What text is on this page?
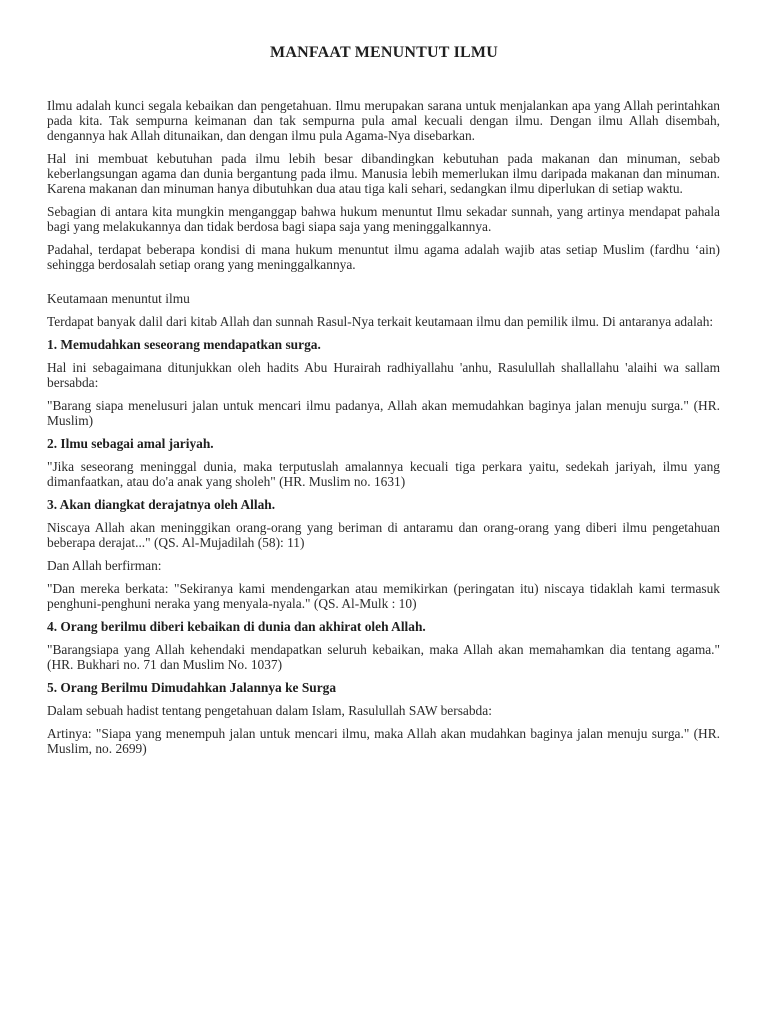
MANFAAT MENUNTUT ILMU

Ilmu adalah kunci segala kebaikan dan pengetahuan. Ilmu merupakan sarana untuk menjalankan apa yang Allah perintahkan pada kita. Tak sempurna keimanan dan tak sempurna pula amal kecuali dengan ilmu. Dengan ilmu Allah disembah, dengannya hak Allah ditunaikan, dan dengan ilmu pula Agama-Nya disebarkan.

Hal ini membuat kebutuhan pada ilmu lebih besar dibandingkan kebutuhan pada makanan dan minuman, sebab keberlangsungan agama dan dunia bergantung pada ilmu. Manusia lebih memerlukan ilmu daripada makanan dan minuman. Karena makanan dan minuman hanya dibutuhkan dua atau tiga kali sehari, sedangkan ilmu diperlukan di setiap waktu.

Sebagian di antara kita mungkin menganggap bahwa hukum menuntut Ilmu sekadar sunnah, yang artinya mendapat pahala bagi yang melakukannya dan tidak berdosa bagi siapa saja yang meninggalkannya.

Padahal, terdapat beberapa kondisi di mana hukum menuntut ilmu agama adalah wajib atas setiap Muslim (fardhu ‘ain) sehingga berdosalah setiap orang yang meninggalkannya.

Keutamaan menuntut ilmu

Terdapat banyak dalil dari kitab Allah dan sunnah Rasul-Nya terkait keutamaan ilmu dan pemilik ilmu. Di antaranya adalah:

1. Memudahkan seseorang mendapatkan surga.

Hal ini sebagaimana ditunjukkan oleh hadits Abu Hurairah radhiyallahu 'anhu, Rasulullah shallallahu 'alaihi wa sallam bersabda:

"Barang siapa menelusuri jalan untuk mencari ilmu padanya, Allah akan memudahkan baginya jalan menuju surga." (HR. Muslim)

2. Ilmu sebagai amal jariyah.

"Jika seseorang meninggal dunia, maka terputuslah amalannya kecuali tiga perkara yaitu, sedekah jariyah, ilmu yang dimanfaatkan, atau do'a anak yang sholeh" (HR. Muslim no. 1631)

3. Akan diangkat derajatnya oleh Allah.

Niscaya Allah akan meninggikan orang-orang yang beriman di antaramu dan orang-orang yang diberi ilmu pengetahuan beberapa derajat..." (QS. Al-Mujadilah (58): 11)

Dan Allah berfirman:

"Dan mereka berkata: "Sekiranya kami mendengarkan atau memikirkan (peringatan itu) niscaya tidaklah kami termasuk penghuni-penghuni neraka yang menyala-nyala." (QS. Al-Mulk : 10)

4. Orang berilmu diberi kebaikan di dunia dan akhirat oleh Allah.

"Barangsiapa yang Allah kehendaki mendapatkan seluruh kebaikan, maka Allah akan memahamkan dia tentang agama." (HR. Bukhari no. 71 dan Muslim No. 1037)

5. Orang Berilmu Dimudahkan Jalannya ke Surga

Dalam sebuah hadist tentang pengetahuan dalam Islam, Rasulullah SAW bersabda:

Artinya: "Siapa yang menempuh jalan untuk mencari ilmu, maka Allah akan mudahkan baginya jalan menuju surga." (HR. Muslim, no. 2699)
